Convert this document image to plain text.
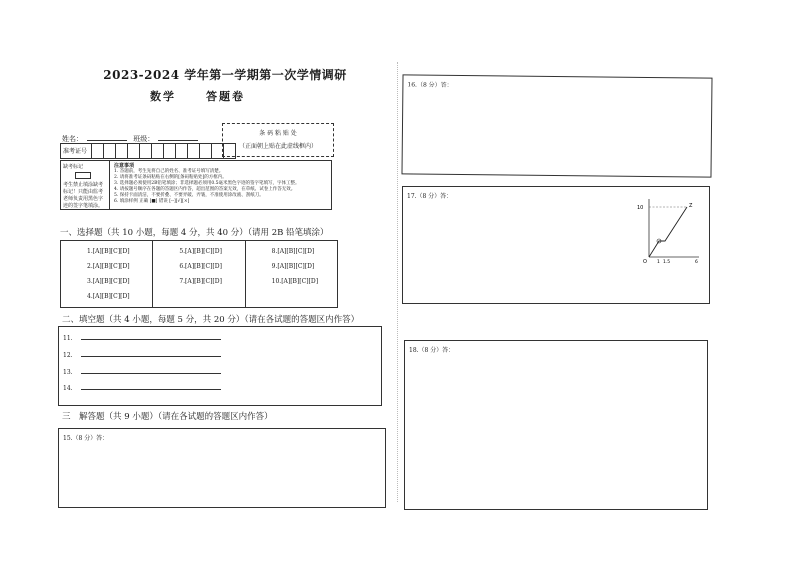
2023-2024 学年第一学期第一次学情调研
数学	答题卷
姓名：	班级：
准考证号
条 码 粘 贴 处
（正面朝上贴在此虚线框内）
缺考标记
考生禁止填涂缺考标记！只能由监考老师负责用黑色字迹的签字笔填涂。
注意事项
1. 答题前，考生先将自己的姓名、准考证号填写清楚。
2. 请将准考证条码粘贴在右侧的[条码粘贴处]的方框内。
3. 选择题必须使用2B铅笔填涂；非选择题必须用0.5毫米黑色字迹的签字笔填写，字体工整。
4. 请按题号顺序在各题的答题区内作答，超出范围的答案无效，在草纸、试卷上作答无效。
5. 保持卡面清洁，不要折叠、不要弄破、弄皱，不准使用涂改液、刮纸刀。
6. 填涂样例 正确 [■] 错误 [--][√][×]
一、选择题（共 10 小题，每题 4 分，共 40 分）（请用 2B 铅笔填涂）
1.[A][B][C][D]
2.[A][B][C][D]
3.[A][B][C][D]
4.[A][B][C][D]
5.[A][B][C][D]
6.[A][B][C][D]
7.[A][B][C][D]
8.[A][B][C][D]
9.[A][B][C][D]
10.[A][B][C][D]
二、填空题（共 4 小题，每题 5 分，共 20 分）（请在各试题的答题区内作答）
11.
12.
13.
14.
三　解答题（共 9 小题）（请在各试题的答题区内作答）
15.（8 分）答：
16.（8 分）答：
17.（8 分）答：
10
O 1 1.5	6
Z
18.（8 分）答：
